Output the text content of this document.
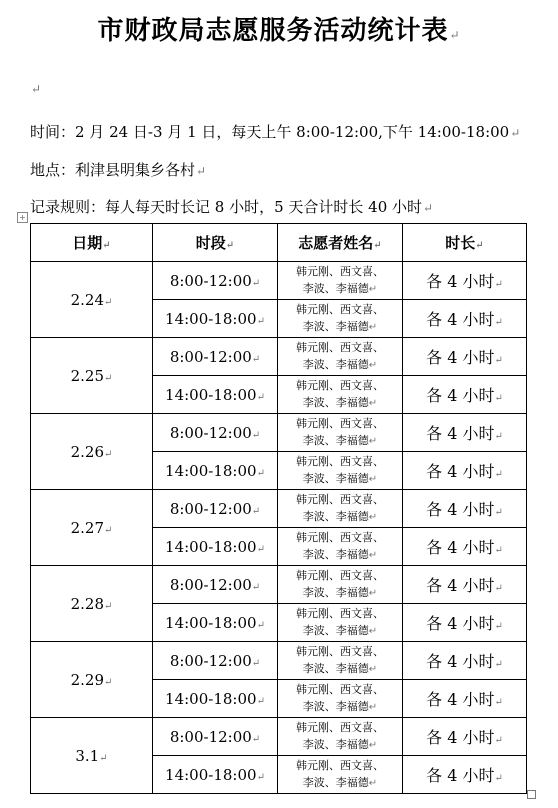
市财政局志愿服务活动统计表↵
↵
时间：2 月 24 日-3 月 1 日，每天上午 8:00-12:00,下午 14:00-18:00↵
地点：利津县明集乡各村↵
记录规则：每人每天时长记 8 小时，5 天合计时长 40 小时↵
+
日期↵	时段↵	志愿者姓名↵	时长↵
2.24↵	8:00-12:00↵	韩元刚、西文喜、
李波、李福德↵	各 4 小时↵
	14:00-18:00↵	韩元刚、西文喜、
李波、李福德↵	各 4 小时↵
2.25↵	8:00-12:00↵	韩元刚、西文喜、
李波、李福德↵	各 4 小时↵
	14:00-18:00↵	韩元刚、西文喜、
李波、李福德↵	各 4 小时↵
2.26↵	8:00-12:00↵	韩元刚、西文喜、
李波、李福德↵	各 4 小时↵
	14:00-18:00↵	韩元刚、西文喜、
李波、李福德↵	各 4 小时↵
2.27↵	8:00-12:00↵	韩元刚、西文喜、
李波、李福德↵	各 4 小时↵
	14:00-18:00↵	韩元刚、西文喜、
李波、李福德↵	各 4 小时↵
2.28↵	8:00-12:00↵	韩元刚、西文喜、
李波、李福德↵	各 4 小时↵
	14:00-18:00↵	韩元刚、西文喜、
李波、李福德↵	各 4 小时↵
2.29↵	8:00-12:00↵	韩元刚、西文喜、
李波、李福德↵	各 4 小时↵
	14:00-18:00↵	韩元刚、西文喜、
李波、李福德↵	各 4 小时↵
3.1↵	8:00-12:00↵	韩元刚、西文喜、
李波、李福德↵	各 4 小时↵
	14:00-18:00↵	韩元刚、西文喜、
李波、李福德↵	各 4 小时↵
